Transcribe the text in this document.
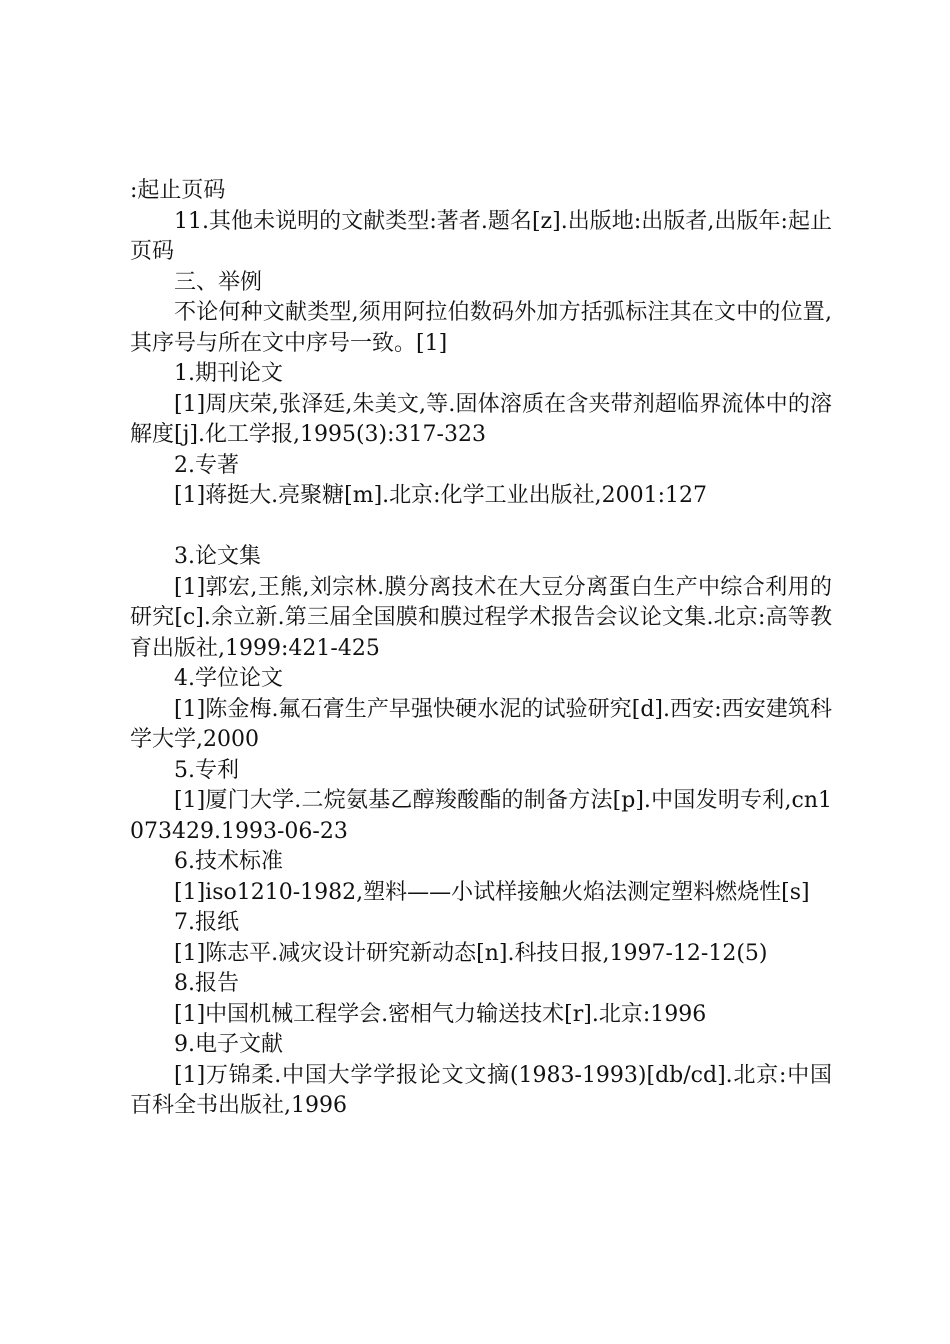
:起止页码

11.其他未说明的文献类型:著者.题名[z].出版地:出版者,出版年:起止页码

三、举例

不论何种文献类型,须用阿拉伯数码外加方括弧标注其在文中的位置,其序号与所在文中序号一致。[1]

1.期刊论文

[1]周庆荣,张泽廷,朱美文,等.固体溶质在含夹带剂超临界流体中的溶解度[j].化工学报,1995(3):317-323

2.专著

[1]蒋挺大.亮聚糖[m].北京:化学工业出版社,2001:127

3.论文集

[1]郭宏,王熊,刘宗林.膜分离技术在大豆分离蛋白生产中综合利用的研究[c].余立新.第三届全国膜和膜过程学术报告会议论文集.北京:高等教育出版社,1999:421-425

4.学位论文

[1]陈金梅.氟石膏生产早强快硬水泥的试验研究[d].西安:西安建筑科学大学,2000

5.专利

[1]厦门大学.二烷氨基乙醇羧酸酯的制备方法[p].中国发明专利,cn1073429.1993-06-23

6.技术标准

[1]iso1210-1982,塑料——小试样接触火焰法测定塑料燃烧性[s]

7.报纸

[1]陈志平.减灾设计研究新动态[n].科技日报,1997-12-12(5)

8.报告

[1]中国机械工程学会.密相气力输送技术[r].北京:1996

9.电子文献

[1]万锦柔.中国大学学报论文文摘(1983-1993)[db/cd].北京:中国百科全书出版社,1996
